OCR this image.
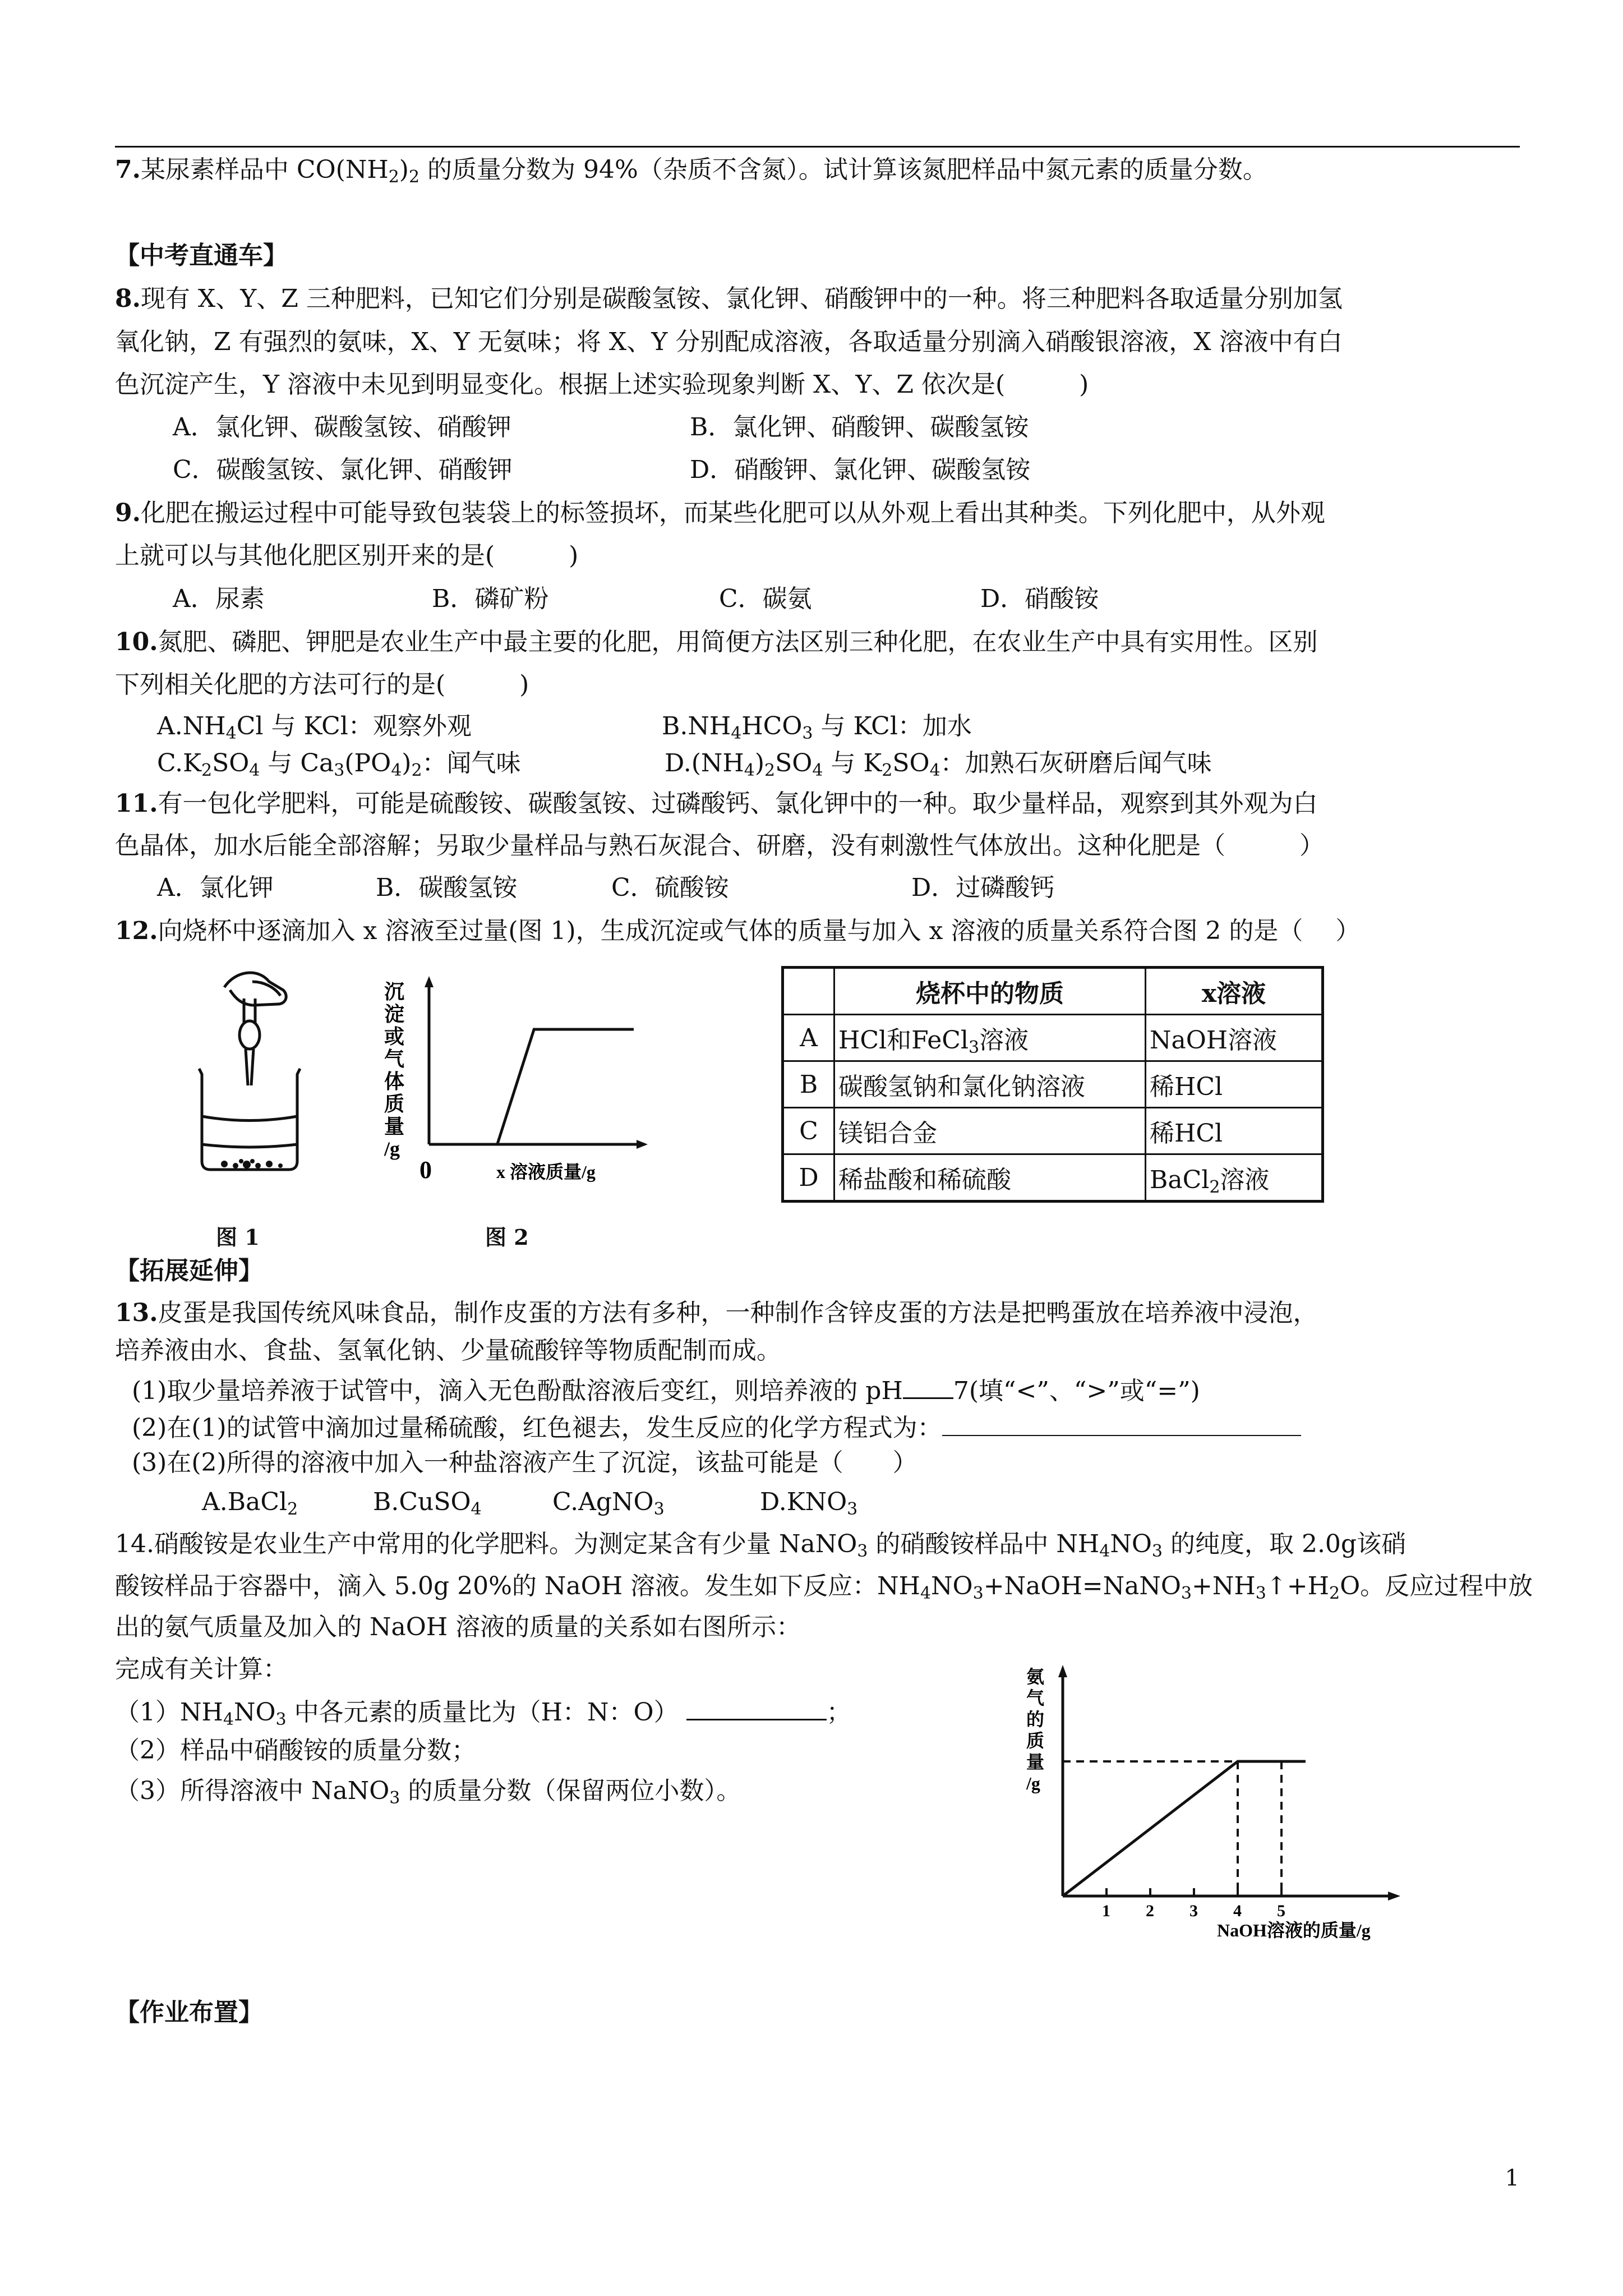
7.某尿素样品中 $CO(NH_2)_2$ 的质量分数为 94%（杂质不含氮）。试计算该氮肥样品中氮元素的质量分数。
【中考直通车】
8.现有 X、Y、Z 三种肥料，已知它们分别是碳酸氢铵、氯化钾、硝酸钾中的一种。将三种肥料各取适量分别加氢
氧化钠，Z 有强烈的氨味，X、Y 无氨味；将 X、Y 分别配成溶液，各取适量分别滴入硝酸银溶液，X 溶液中有白
色沉淀产生，Y 溶液中未见到明显变化。根据上述实验现象判断 X、Y、Z 依次是(　　　)
A．氯化钾、碳酸氢铵、硝酸钾	B．氯化钾、硝酸钾、碳酸氢铵
C．碳酸氢铵、氯化钾、硝酸钾	D．硝酸钾、氯化钾、碳酸氢铵
9.化肥在搬运过程中可能导致包装袋上的标签损坏，而某些化肥可以从外观上看出其种类。下列化肥中，从外观
上就可以与其他化肥区别开来的是(　　　)
A．尿素	B．磷矿粉	C．碳氨	D．硝酸铵
10.氮肥、磷肥、钾肥是农业生产中最主要的化肥，用简便方法区别三种化肥，在农业生产中具有实用性。区别
下列相关化肥的方法可行的是(　　　)
$A.NH_4Cl$ 与 KCl：观察外观	$B.NH_4HCO_3$ 与 KCl：加水
$C.K_2SO_4$ 与 $Ca_3(PO_4)_2$：闻气味	$D.(NH_4)_2SO_4$ 与 $K_2SO_4$：加熟石灰研磨后闻气味
11.有一包化学肥料，可能是硫酸铵、碳酸氢铵、过磷酸钙、氯化钾中的一种。取少量样品，观察到其外观为白
色晶体，加水后能全部溶解；另取少量样品与熟石灰混合、研磨，没有刺激性气体放出。这种化肥是（　　　）
A．氯化钾	B．碳酸氢铵	C．硫酸铵	D．过磷酸钙
12.向烧杯中逐滴加入 x 溶液至过量(图 1)，生成沉淀或气体的质量与加入 x 溶液的质量关系符合图 2 的是（　 ）
图 1
沉
淀
或
气
体
质
量
/g
0	x 溶液质量/g
图 2
	烧杯中的物质	x溶液
A	HCl和FeCl$_3$溶液	NaOH溶液
B	碳酸氢钠和氯化钠溶液	稀HCl
C	镁铝合金	稀HCl
D	稀盐酸和稀硫酸	BaCl$_2$溶液
【拓展延伸】
13.皮蛋是我国传统风味食品，制作皮蛋的方法有多种，一种制作含锌皮蛋的方法是把鸭蛋放在培养液中浸泡，
培养液由水、食盐、氢氧化钠、少量硫酸锌等物质配制而成。
(1)取少量培养液于试管中，滴入无色酚酞溶液后变红，则培养液的 pH 7(填“<”、“>”或“=”)
(2)在(1)的试管中滴加过量稀硫酸，红色褪去，发生反应的化学方程式为：
(3)在(2)所得的溶液中加入一种盐溶液产生了沉淀，该盐可能是（　　）
A.BaCl$_2$	B.CuSO$_4$	C.AgNO$_3$	$D.KNO_3$
14.硝酸铵是农业生产中常用的化学肥料。为测定某含有少量 NaNO$_3$ 的硝酸铵样品中 $NH_4NO_3$ 的纯度，取 2.0g该硝
酸铵样品于容器中，滴入 5.0g 20%的 NaOH 溶液。发生如下反应：$NH_4NO_3+NaOH=NaNO_3+NH_3↑+H_2O$。反应过程中放
出的氨气质量及加入的 NaOH 溶液的质量的关系如右图所示：
完成有关计算：
$(1)NH_4NO_3$ 中各元素的质量比为（H：N：O）	；
（2）样品中硝酸铵的质量分数；
（3）所得溶液中 NaNO$_3$ 的质量分数（保留两位小数）。
氨
气
的
质
量
/g
1 2 3 4 5
NaOH溶液的质量/g
【作业布置】
1
